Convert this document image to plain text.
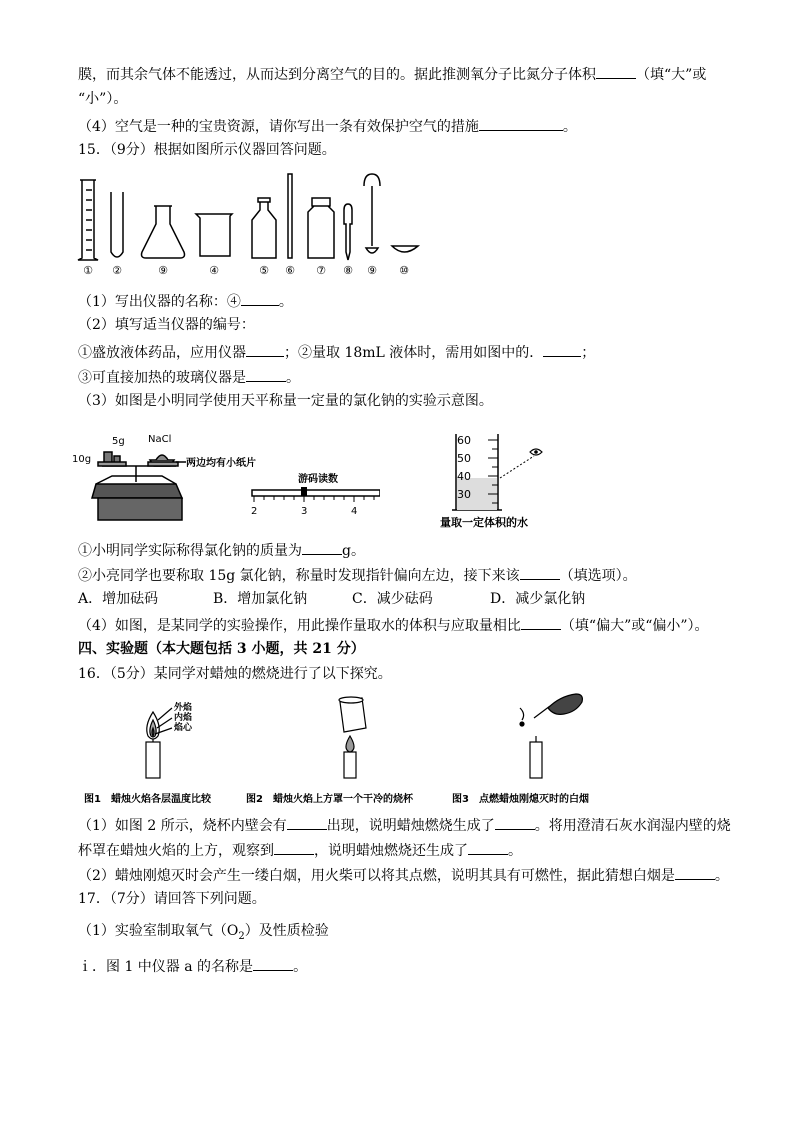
膜，而其余气体不能透过，从而达到分离空气的目的。据此推测氧分子比氮分子体积	（填“大”或
“小”）。
（4）空气是一种的宝贵资源，请你写出一条有效保护空气的措施	。
15．（9分）根据如图所示仪器回答问题。
① ②	⑨	④	⑤ ⑥ ⑦ ⑧ ⑨ ⑩
（1）写出仪器的名称：④	。
（2）填写适当仪器的编号：
①盛放液体药品，应用仪器	；②量取 18mL 液体时，需用如图中的．	；
③可直接加热的玻璃仪器是	。
（3）如图是小明同学使用天平称量一定量的氯化钠的实验示意图。
5g NaCl
10g	两边均有小纸片
游码读数
2	3	4
60
50
40
30
量取一定体积的水
①小明同学实际称得氯化钠的质量为	g。
②小亮同学也要称取 15g 氯化钠，称量时发现指针偏向左边，接下来该	（填选项）。
A．增加砝码	B．增加氯化钠	C．减少砝码	D．减少氯化钠
（4）如图，是某同学的实验操作，用此操作量取水的体积与应取量相比	（填“偏大”或“偏小”）。
四、实验题（本大题包括 3 小题，共 21 分）
16．（5分）某同学对蜡烛的燃烧进行了以下探究。
外焰
内焰
焰心
图1　蜡烛火焰各层温度比较	图2　蜡烛火焰上方罩一个干冷的烧杯	图3　点燃蜡烛刚熄灭时的白烟
（1）如图 2 所示，烧杯内壁会有	出现，说明蜡烛燃烧生成了	。将用澄清石灰水润湿内壁的烧
杯罩在蜡烛火焰的上方，观察到	，说明蜡烛燃烧还生成了	。
（2）蜡烛刚熄灭时会产生一缕白烟，用火柴可以将其点燃，说明其具有可燃性，据此猜想白烟是	。
17．（7分）请回答下列问题。
（1）实验室制取氧气$(O_2)$及性质检验
ｉ．图 1 中仪器 a 的名称是	。
